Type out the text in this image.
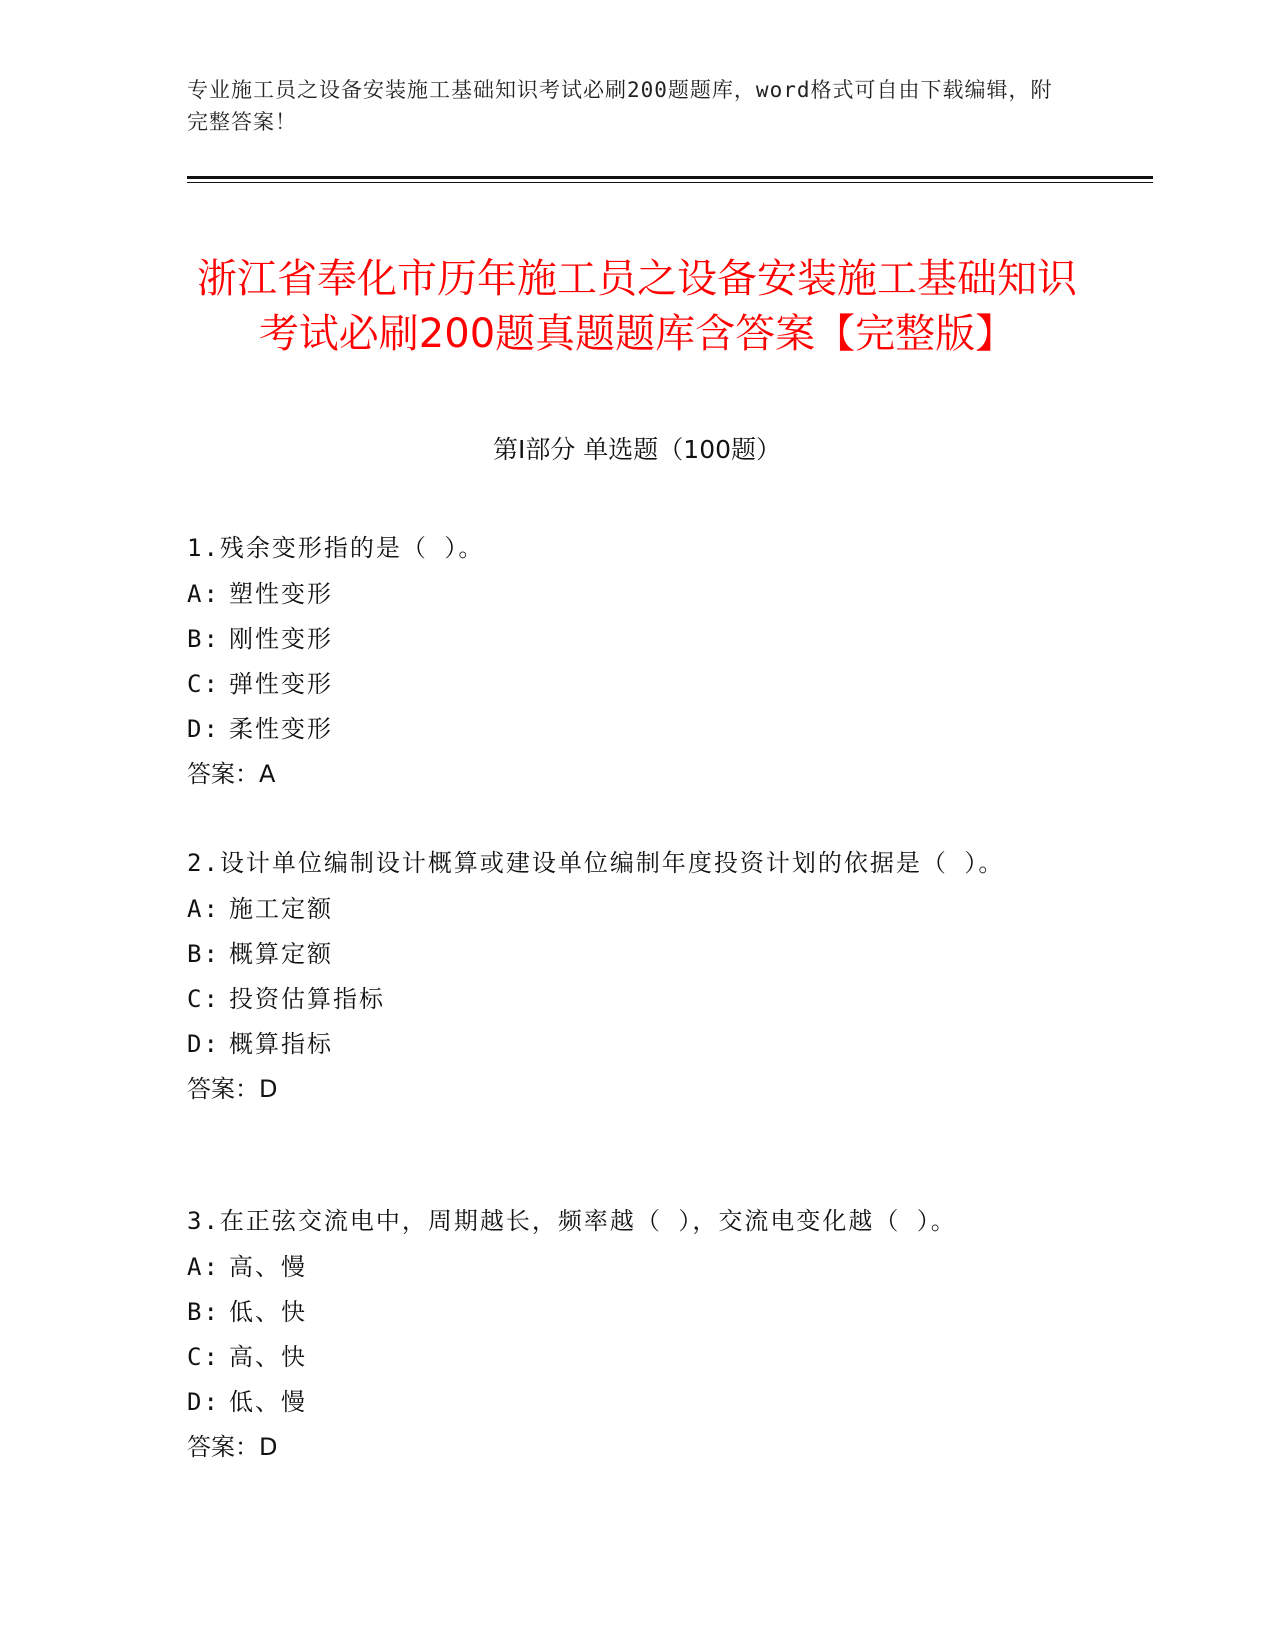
专业施工员之设备安装施工基础知识考试必刷200题题库，word格式可自由下载编辑，附完整答案！
浙江省奉化市历年施工员之设备安装施工基础知识考试必刷200题真题题库含答案【完整版】
第I部分 单选题（100题）

1.残余变形指的是（ ）。

A: 塑性变形

B: 刚性变形

C: 弹性变形

D: 柔性变形

答案：A

2.设计单位编制设计概算或建设单位编制年度投资计划的依据是（ ）。

A: 施工定额

B: 概算定额

C: 投资估算指标

D: 概算指标

答案：D

3.在正弦交流电中，周期越长，频率越（ ），交流电变化越（ ）。

A: 高、慢

B: 低、快

C: 高、快

D: 低、慢

答案：D
